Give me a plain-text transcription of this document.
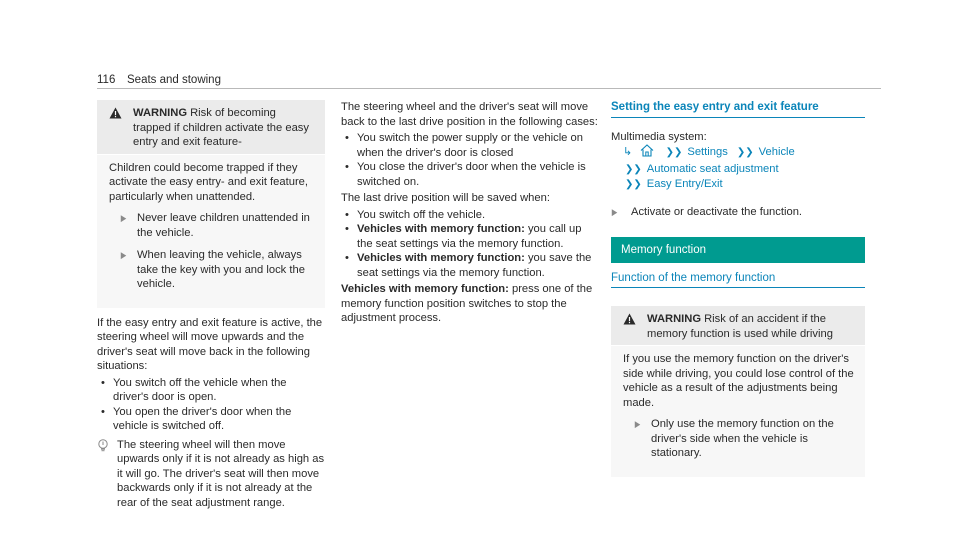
116 Seats and stowing
WARNING Risk of becoming trapped if children activate the easy entry and exit feature-

Children could become trapped if they activate the easy entry- and exit feature, particularly when unattended.

▶ Never leave children unattended in the vehicle.
▶ When leaving the vehicle, always take the key with you and lock the vehicle.

If the easy entry and exit feature is active, the steering wheel will move upwards and the driver's seat will move back in the following situations:

• You switch off the vehicle when the driver's door is open.
• You open the driver's door when the vehicle is switched off.
The steering wheel will then move upwards only if it is not already as high as it will go. The driver's seat will then move backwards only if it is not already at the rear of the seat adjustment range.

The steering wheel and the driver's seat will move back to the last drive position in the following cases:

• You switch the power supply or the vehicle on when the driver's door is closed
• You close the driver's door when the vehicle is switched on.

The last drive position will be saved when:

• You switch off the vehicle.
• Vehicles with memory function: you call up the seat settings via the memory function.
• Vehicles with memory function: you save the seat settings via the memory function.

Vehicles with memory function: press one of the memory function position switches to stop the adjustment process.

Setting the easy entry and exit feature

Multimedia system:

↳	❯❯ Settings ❯❯ Vehicle
❯❯ Automatic seat adjustment
❯❯ Easy Entry/Exit
▶	Activate or deactivate the function.
Memory function
Function of the memory function
WARNING Risk of an accident if the memory function is used while driving

If you use the memory function on the driver's side while driving, you could lose control of the vehicle as a result of the adjustments being made.

▶ Only use the memory function on the driver's side when the vehicle is stationary.
